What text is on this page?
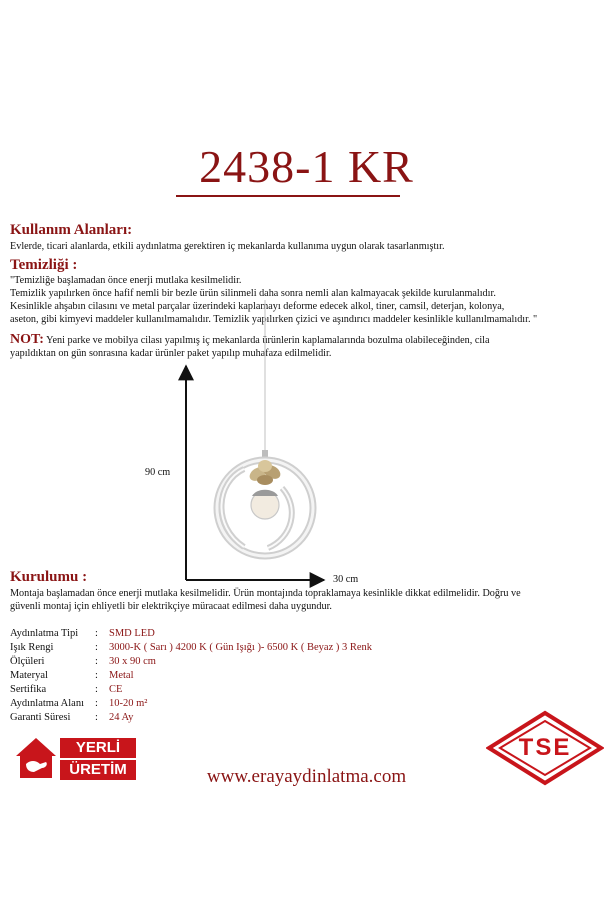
2438-1 KR
Kullanım Alanları:
Evlerde, ticari alanlarda, etkili aydınlatma gerektiren iç mekanlarda kullanıma uygun olarak tasarlanmıştır.
Temizliği :
"Temizliğe başlamadan önce enerji mutlaka kesilmelidir.
Temizlik yapılırken önce hafif nemli bir bezle ürün silinmeli daha sonra nemli alan kalmayacak şekilde kurulanmalıdır.
Kesinlikle ahşabın cilasını ve metal parçalar üzerindeki kaplamayı deforme edecek alkol, tiner, camsil, deterjan, kolonya,
aseton, gibi kimyevi maddeler kullanılmamalıdır. Temizlik yapılırken çizici ve aşındırıcı maddeler kesinlikle kullanılmamalıdır. "
NOT: Yeni parke ve mobilya cilası yapılmış iç mekanlarda ürünlerin kaplamalarında bozulma olabileceğinden, cila
yapıldıktan on gün sonrasına kadar ürünler paket yapılıp muhafaza edilmelidir.
90 cm
30 cm
Kurulumu :
Montaja başlamadan önce enerji mutlaka kesilmelidir. Ürün montajında topraklamaya kesinlikle dikkat edilmelidir. Doğru ve
güvenli montaj için ehliyetli bir elektrikçiye müracaat edilmesi daha uygundur.
Aydınlatma Tipi : SMD LED
Işık Rengi	: 3000-K ( Sarı ) 4200 K ( Gün Işığı )- 6500 K ( Beyaz ) 3 Renk
Ölçüleri	: 30 x 90 cm
Materyal	: Metal
Sertifika	: CE
Aydınlatma Alanı : 10-20 m²
Garanti Süresi : 24 Ay
YERLİ
ÜRETİM	www.erayaydinlatma.com
TSE
